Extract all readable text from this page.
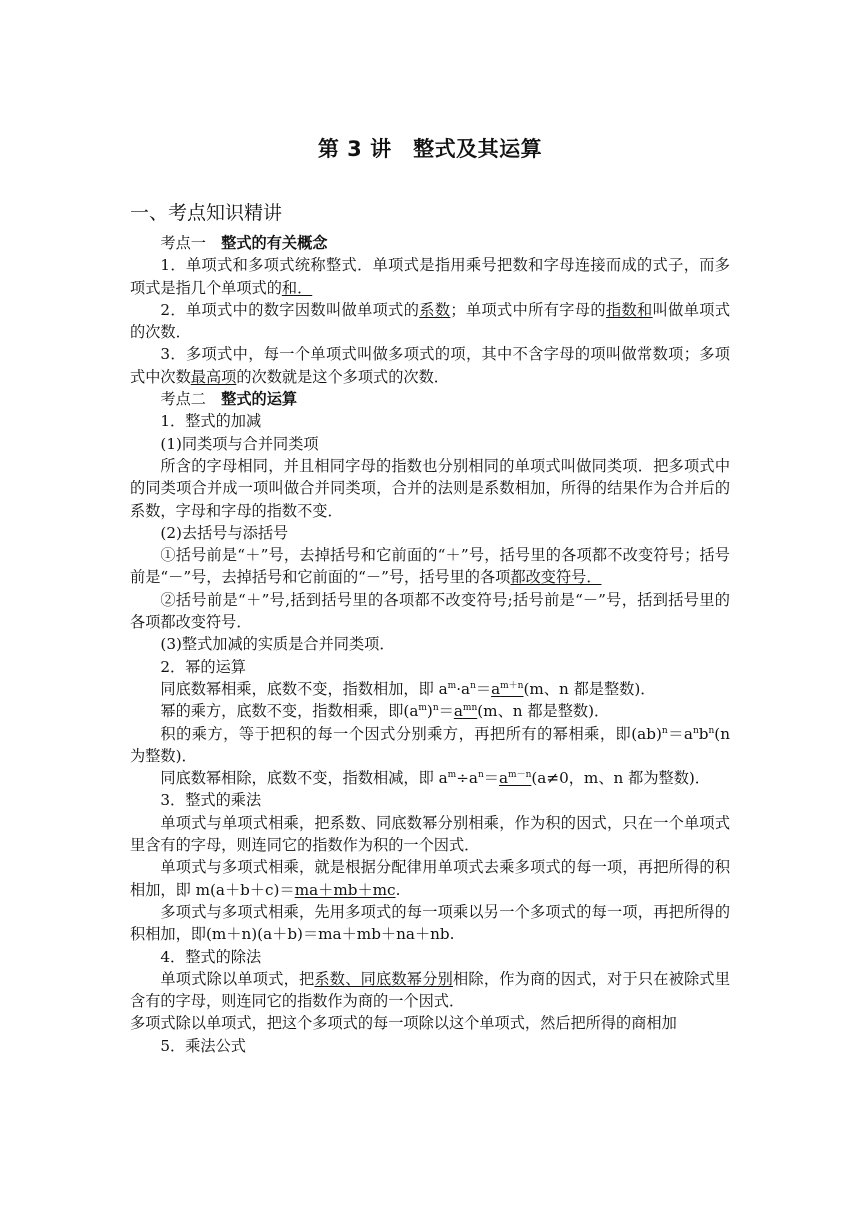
第 3 讲　整式及其运算
一、考点知识精讲

考点一　 整式的有关概念

1．单项式和多项式统称整式．单项式是指用乘号把数和字母连接而成的式子，而多项式是指几个单项式的和．

2．单项式中的数字因数叫做单项式的系数；单项式中所有字母的指数和叫做单项式的次数．

3．多项式中，每一个单项式叫做多项式的项，其中不含字母的项叫做常数项；多项式中次数最高项的次数就是这个多项式的次数．

考点二　 整式的运算

1．整式的加减

(1)同类项与合并同类项

所含的字母相同，并且相同字母的指数也分别相同的单项式叫做同类项．把多项式中的同类项合并成一项叫做合并同类项，合并的法则是系数相加，所得的结果作为合并后的系数，字母和字母的指数不变．

(2)去括号与添括号

①括号前是“＋”号，去掉括号和它前面的“＋”号，括号里的各项都不改变符号；括号前是“－”号，去掉括号和它前面的“－”号，括号里的各项都改变符号．

②括号前是“＋”号,括到括号里的各项都不改变符号;括号前是“－”号，括到括号里的各项都改变符号．

(3)整式加减的实质是合并同类项．

2．幂的运算

同底数幂相乘，底数不变，指数相加，即 $a^m\cdot a^n=a^{m+n}(m$、n 都是整数)．

幂的乘方，底数不变，指数相乘，即$(a^m)^n=a^{mn}(m$、n 都是整数)．

积的乘方，等于把积的每一个因式分别乘方，再把所有的幂相乘，即$(ab)^n=a^nb^n(n$ 为整数)．

同底数幂相除，底数不变，指数相减，即 $a^m\div a^n=a^{m-n}(a\ne 0$，m、n 都为整数)．

3．整式的乘法

单项式与单项式相乘，把系数、同底数幂分别相乘，作为积的因式，只在一个单项式里含有的字母，则连同它的指数作为积的一个因式．

单项式与多项式相乘，就是根据分配律用单项式去乘多项式的每一项，再把所得的积相加，即 m(a＋b＋c)＝ma＋mb＋mc.

多项式与多项式相乘，先用多项式的每一项乘以另一个多项式的每一项，再把所得的积相加，即(m＋n)(a＋b)＝ma＋mb＋na＋nb.

4．整式的除法

单项式除以单项式，把系数、同底数幂分别相除，作为商的因式，对于只在被除式里含有的字母，则连同它的指数作为商的一个因式．

多项式除以单项式，把这个多项式的每一项除以这个单项式，然后把所得的商相加

5．乘法公式
